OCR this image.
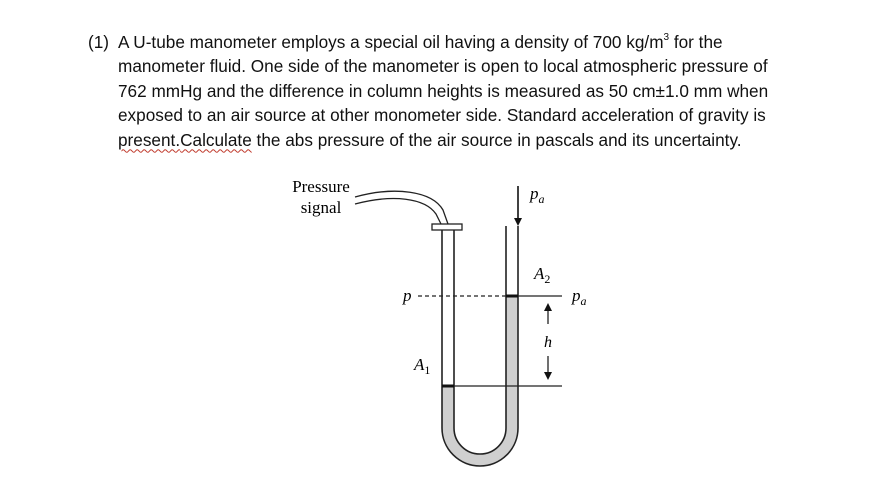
(1) A U-tube manometer employs a special oil having a density of 700 $kg/m^3$ for the
manometer fluid. One side of the manometer is open to local atmospheric pressure of
762 mmHg and the difference in column heights is measured as 50 cm±1.0 mm when
exposed to an air source at other monometer side. Standard acceleration of gravity is
present.Calculate the abs pressure of the air source in pascals and its uncertainty.
Pressure
signal
h
$p_a$
$A_2$
$p_a$
p
$A_1$
